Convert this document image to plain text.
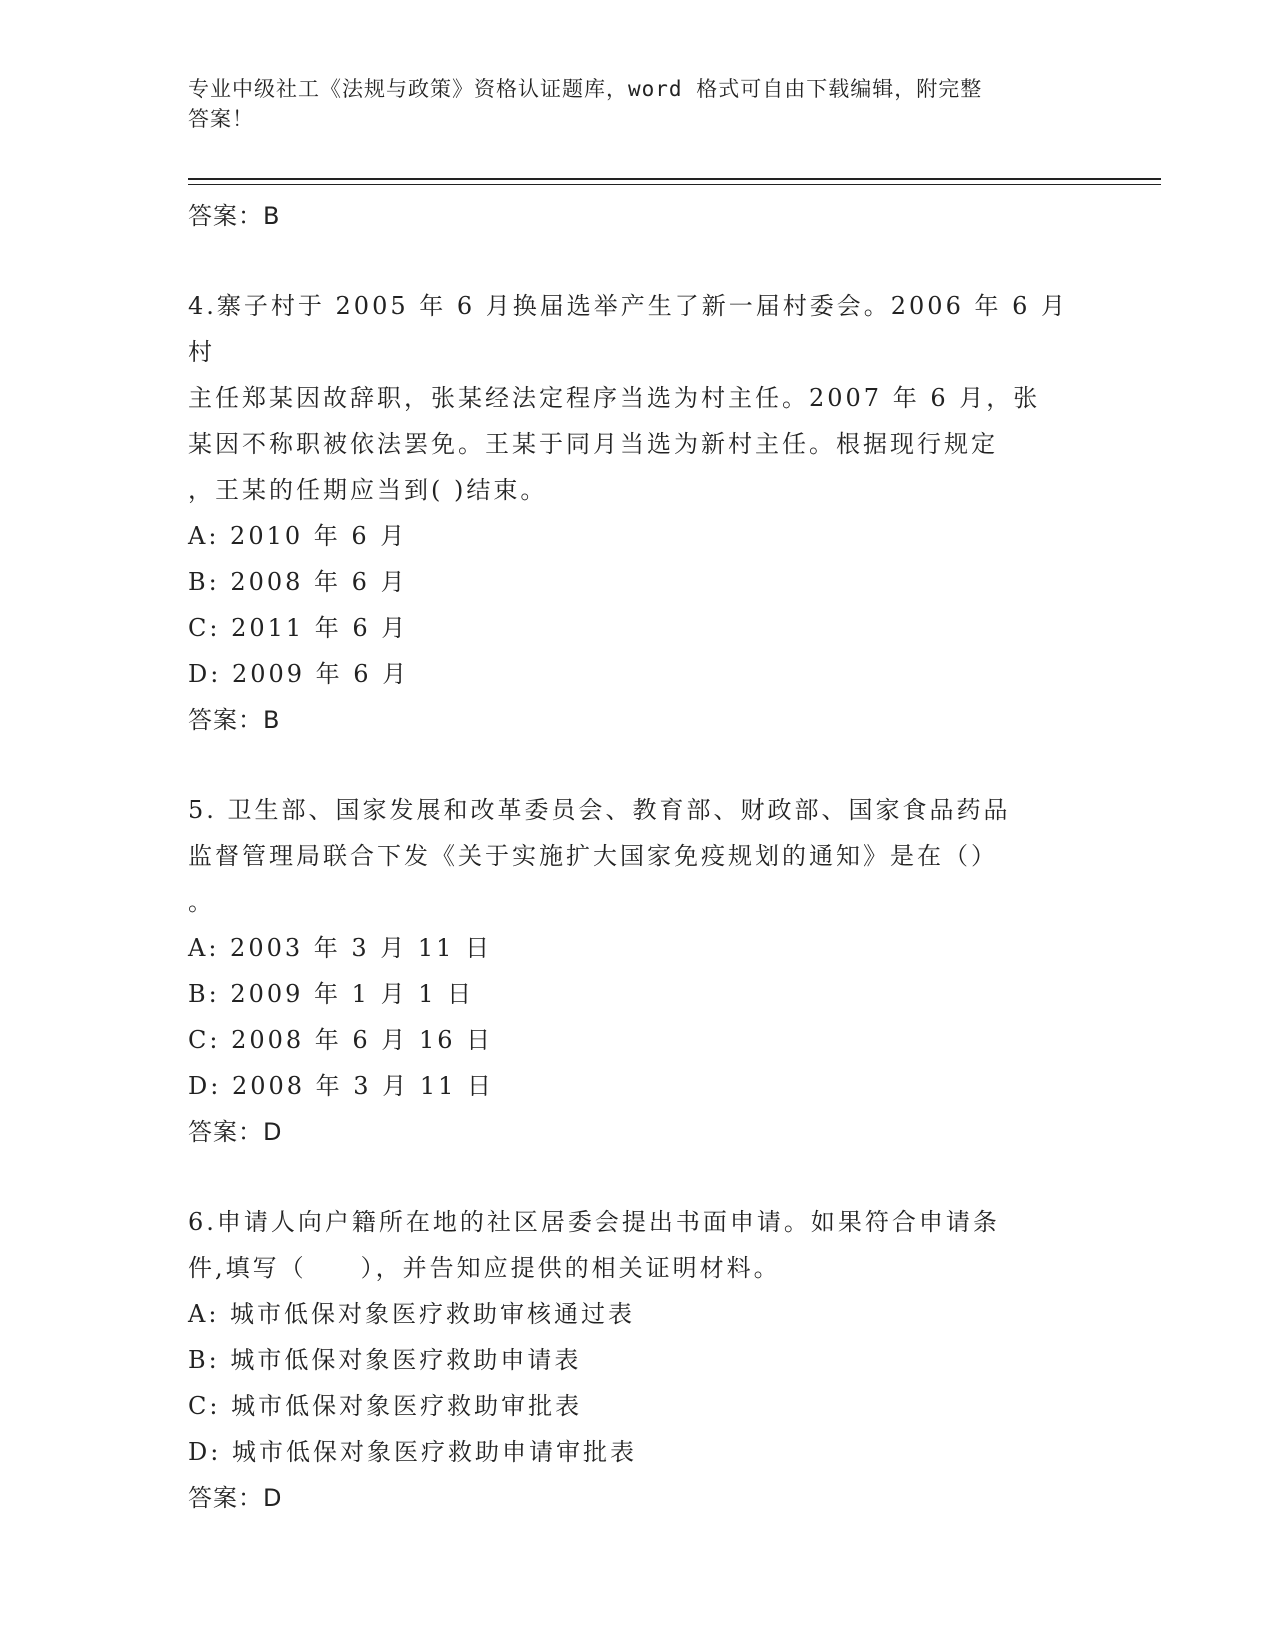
专业中级社工《法规与政策》资格认证题库，word 格式可自由下载编辑，附完整
答案！
答案：B
4.寨子村于 2005 年 6 月换届选举产生了新一届村委会。2006 年 6 月村
主任郑某因故辞职，张某经法定程序当选为村主任。2007 年 6 月，张
某因不称职被依法罢免。王某于同月当选为新村主任。根据现行规定
，王某的任期应当到( )结束。
A: 2010 年 6 月
B: 2008 年 6 月
C: 2011 年 6 月
D: 2009 年 6 月
答案：B
5. 卫生部、国家发展和改革委员会、教育部、财政部、国家食品药品
监督管理局联合下发《关于实施扩大国家免疫规划的通知》是在（）
。
A: 2003 年 3 月 11 日
B: 2009 年 1 月 1 日
C: 2008 年 6 月 16 日
D: 2008 年 3 月 11 日
答案：D
6.申请人向户籍所在地的社区居委会提出书面申请。如果符合申请条
件,填写（　　），并告知应提供的相关证明材料。
A: 城市低保对象医疗救助审核通过表
B: 城市低保对象医疗救助申请表
C: 城市低保对象医疗救助审批表
D: 城市低保对象医疗救助申请审批表
答案：D
